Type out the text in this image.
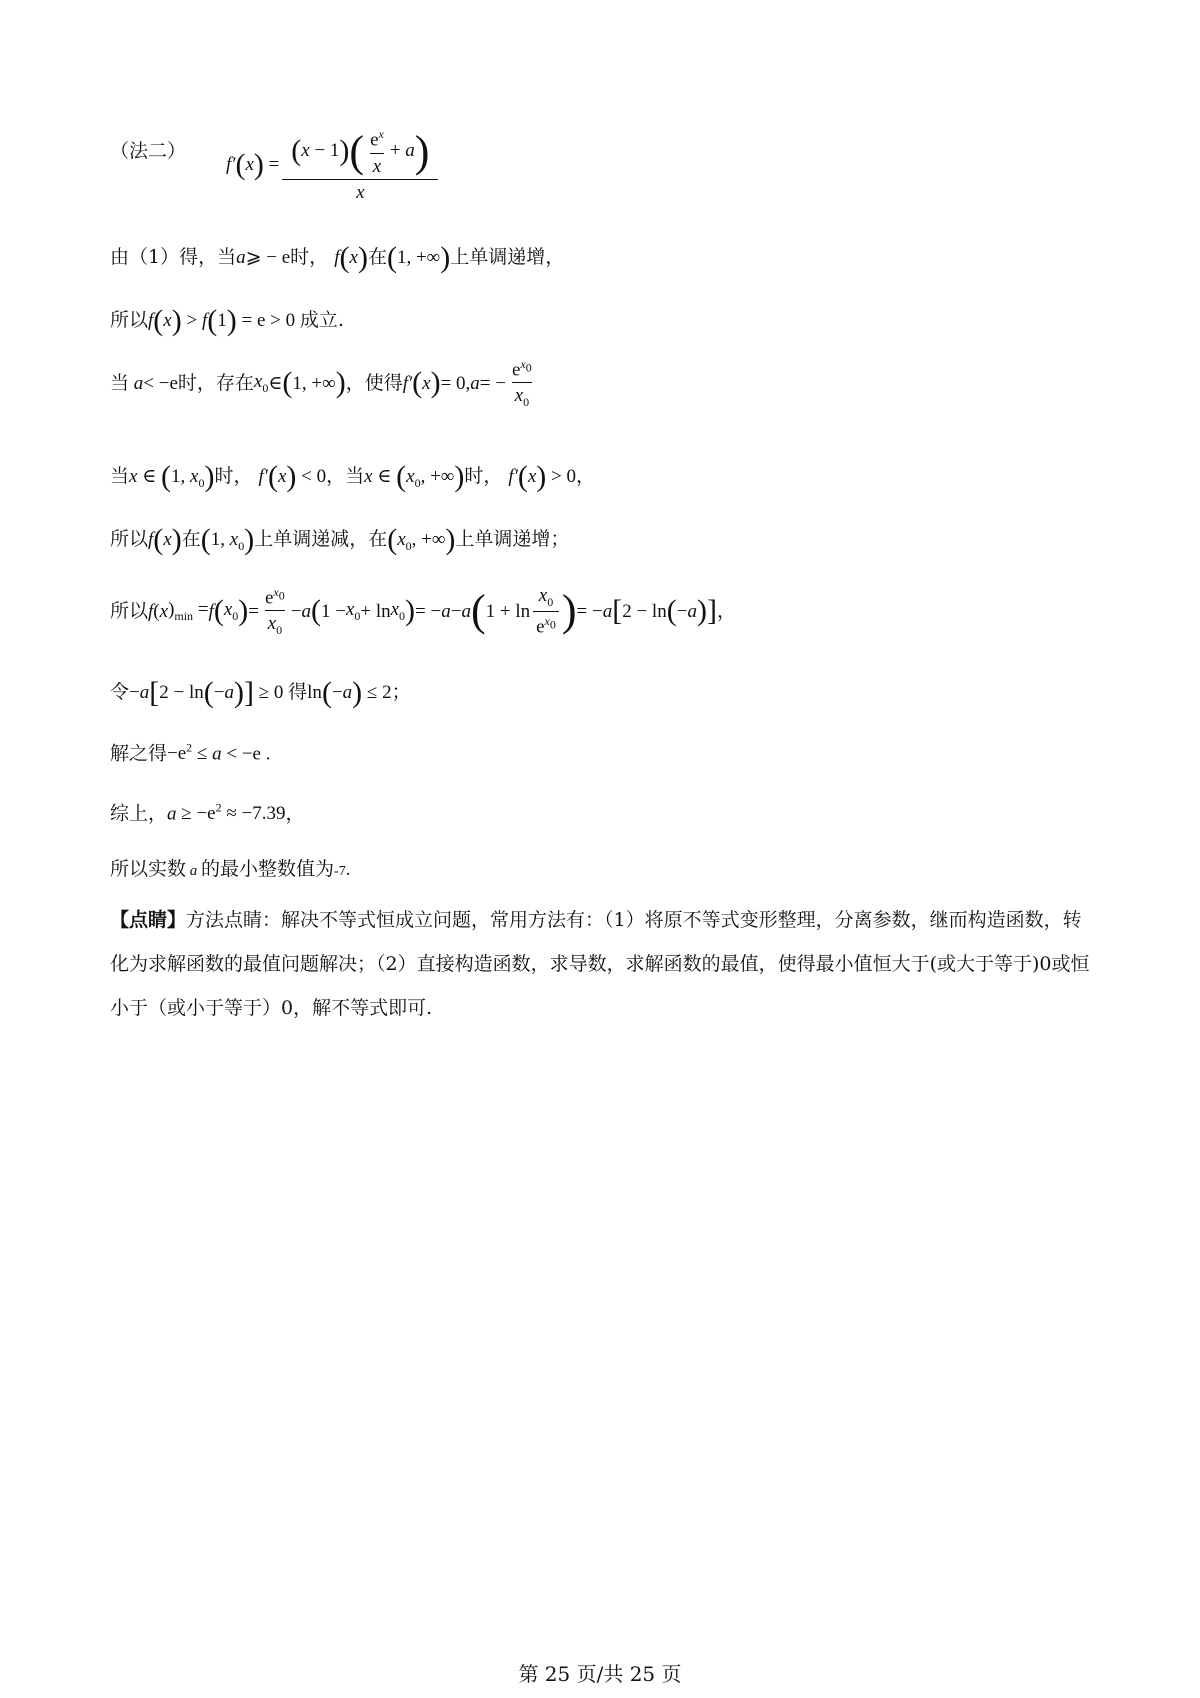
（法二）
$f'(x) = \frac{(x - 1)( \frac{e^x}{x} + a)}{x}$
由（1）得，当a⩾ − e时， f(x)在(1, +∞)上单调递增，
所以f(x) > f(1) = e > 0 成立.
当 a < −e 时，存在 $x_0$ ∈ ( 1, +∞ ) ，使得 f′ ( x ) = 0, a = − $\frac{e^{x_0}}{x_0}$
当x ∈ (1, $x_0$)时， f′(x) < 0，当x ∈ ($x_0$, +∞)时， f′(x) > 0，
所以f(x)在(1, $x_0$)上单调递减，在($x_0$, +∞)上单调递增；
所以 f ( x )$_{min} = f$ ( $x_0$ ) = $\frac{e^{x_0}}{x_0} - a$ ( $1 - x_0 + \ln x_0$ ) = − a − a ( $1 + \ln \frac{x_0}{e^{x_0}}$ ) = − a [ 2 − ln ( − a ) ] ，
令−a[2 − ln(−a)] ≥ 0 得ln(−a) ≤ 2；
解之得$-e^2 \le a < -e$ .
综上，$a \ge -e^2 \approx -7.39$，
所以实数 a 的最小整数值为-7.
【点睛】方法点睛：解决不等式恒成立问题，常用方法有：（1）将原不等式变形整理，分离参数，继而构造函数，转化为求解函数的最值问题解决；（2）直接构造函数，求导数，求解函数的最值，使得最小值恒大于(或大于等于)0或恒小于（或小于等于）0，解不等式即可.
第 25 页/共 25 页
